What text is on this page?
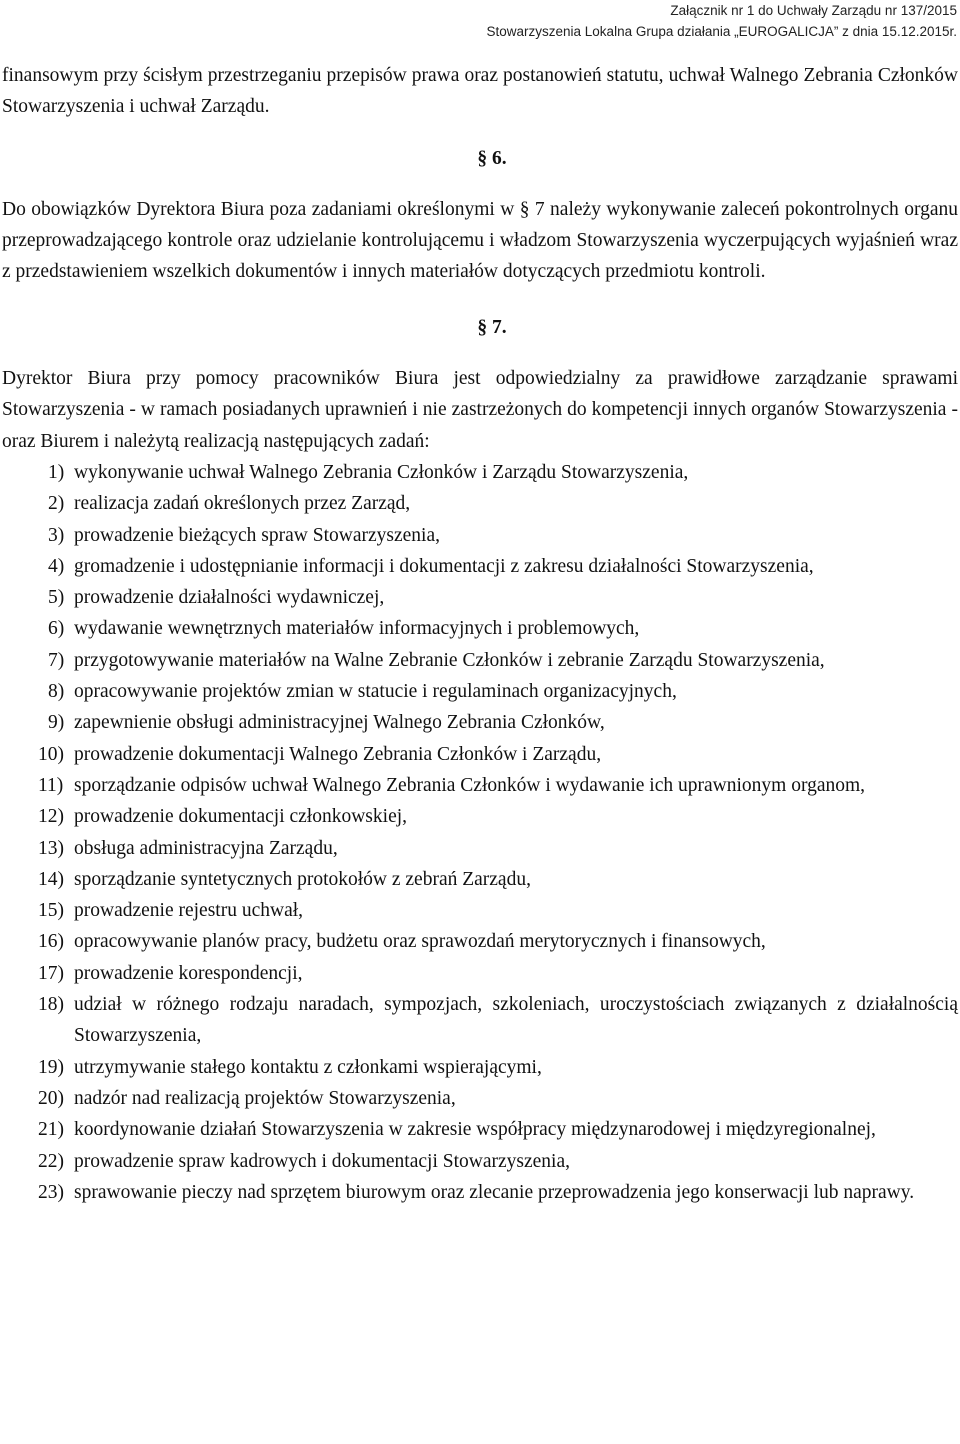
Załącznik nr 1 do Uchwały Zarządu nr 137/2015
Stowarzyszenia Lokalna Grupa działania „EUROGALICJA” z dnia 15.12.2015r.

finansowym przy ścisłym przestrzeganiu przepisów prawa oraz postanowień statutu, uchwał Walnego Zebrania Członków Stowarzyszenia i uchwał Zarządu.

§ 6.

Do obowiązków Dyrektora Biura poza zadaniami określonymi w § 7 należy wykonywanie zaleceń pokontrolnych organu przeprowadzającego kontrole oraz udzielanie kontrolującemu i władzom Stowarzyszenia wyczerpujących wyjaśnień wraz z przedstawieniem wszelkich dokumentów i innych materiałów dotyczących przedmiotu kontroli.

§ 7.

Dyrektor Biura przy pomocy pracowników Biura jest odpowiedzialny za prawidłowe zarządzanie sprawami Stowarzyszenia - w ramach posiadanych uprawnień i nie zastrzeżonych do kompetencji innych organów Stowarzyszenia - oraz Biurem i należytą realizacją następujących zadań:

1) wykonywanie uchwał Walnego Zebrania Członków i Zarządu Stowarzyszenia,
2) realizacja zadań określonych przez Zarząd,
3) prowadzenie bieżących spraw Stowarzyszenia,
4) gromadzenie i udostępnianie informacji i dokumentacji z zakresu działalności Stowarzyszenia,
5) prowadzenie działalności wydawniczej,
6) wydawanie wewnętrznych materiałów informacyjnych i problemowych,
7) przygotowywanie materiałów na Walne Zebranie Członków i zebranie Zarządu Stowarzyszenia,
8) opracowywanie projektów zmian w statucie i regulaminach organizacyjnych,
9) zapewnienie obsługi administracyjnej Walnego Zebrania Członków,
10) prowadzenie dokumentacji Walnego Zebrania Członków i Zarządu,
11) sporządzanie odpisów uchwał Walnego Zebrania Członków i wydawanie ich uprawnionym organom,
12) prowadzenie dokumentacji członkowskiej,
13) obsługa administracyjna Zarządu,
14) sporządzanie syntetycznych protokołów z zebrań Zarządu,
15) prowadzenie rejestru uchwał,
16) opracowywanie planów pracy, budżetu oraz sprawozdań merytorycznych i finansowych,
17) prowadzenie korespondencji,
18) udział w różnego rodzaju naradach, sympozjach, szkoleniach, uroczystościach związanych z działalnością Stowarzyszenia,
19) utrzymywanie stałego kontaktu z członkami wspierającymi,
20) nadzór nad realizacją projektów Stowarzyszenia,
21) koordynowanie działań Stowarzyszenia w zakresie współpracy międzynarodowej i międzyregionalnej,
22) prowadzenie spraw kadrowych i dokumentacji Stowarzyszenia,
23) sprawowanie pieczy nad sprzętem biurowym oraz zlecanie przeprowadzenia jego konserwacji lub naprawy.
